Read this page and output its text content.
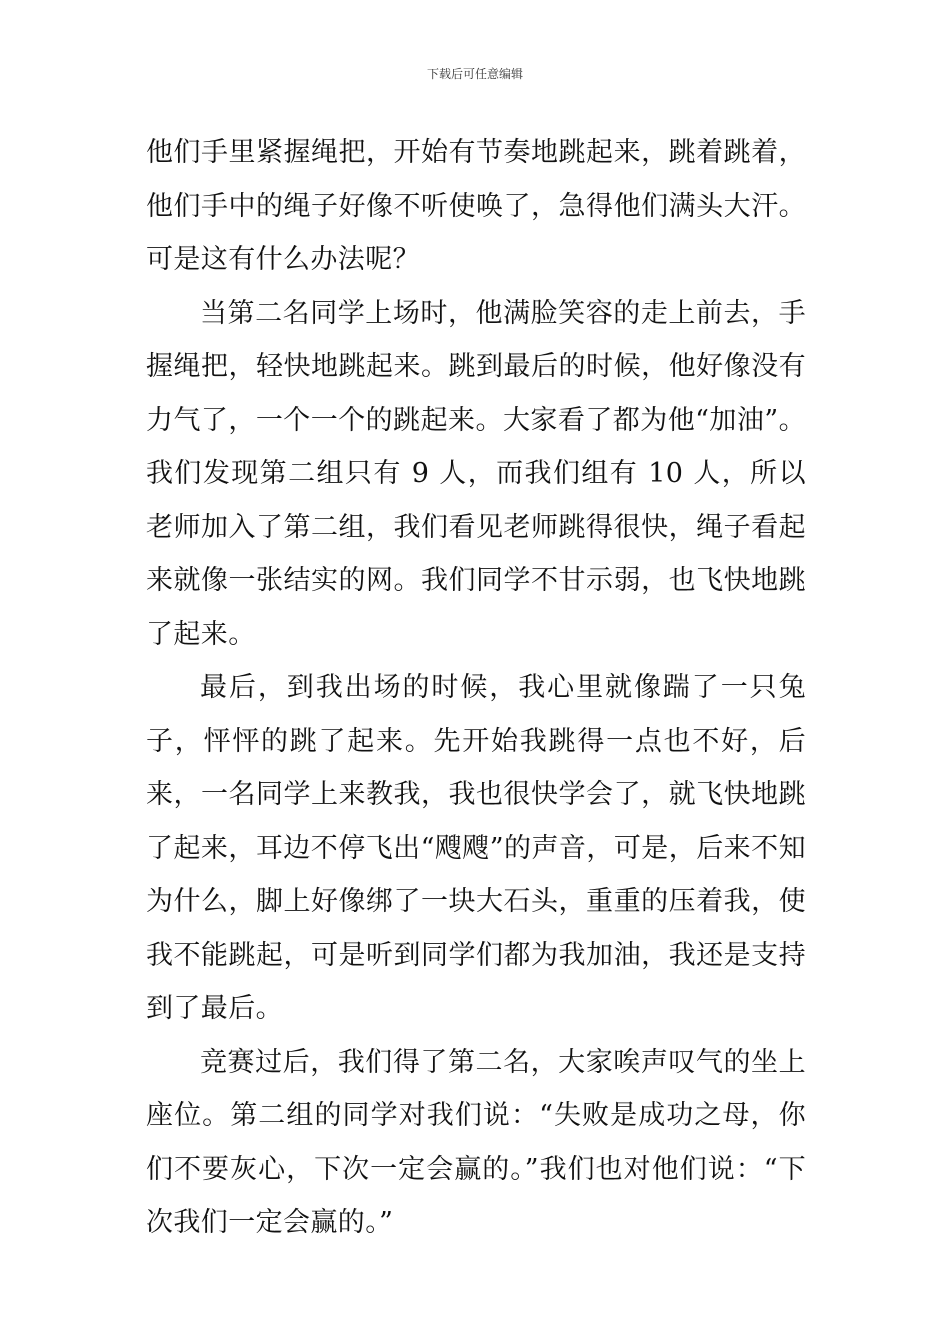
下载后可任意编辑

他们手里紧握绳把，开始有节奏地跳起来，跳着跳着，他们手中的绳子好像不听使唤了，急得他们满头大汗。可是这有什么办法呢？

当第二名同学上场时，他满脸笑容的走上前去，手握绳把，轻快地跳起来。跳到最后的时候，他好像没有力气了，一个一个的跳起来。大家看了都为他“加油”。我们发现第二组只有 9 人，而我们组有 10 人，所以老师加入了第二组，我们看见老师跳得很快，绳子看起来就像一张结实的网。我们同学不甘示弱，也飞快地跳了起来。

最后，到我出场的时候，我心里就像踹了一只兔子，怦怦的跳了起来。先开始我跳得一点也不好，后来，一名同学上来教我，我也很快学会了，就飞快地跳了起来，耳边不停飞出“飕飕”的声音，可是，后来不知为什么，脚上好像绑了一块大石头，重重的压着我，使我不能跳起，可是听到同学们都为我加油，我还是支持到了最后。

竞赛过后，我们得了第二名，大家唉声叹气的坐上座位。第二组的同学对我们说：“失败是成功之母，你们不要灰心，下次一定会赢的。”我们也对他们说：“下次我们一定会赢的。”
